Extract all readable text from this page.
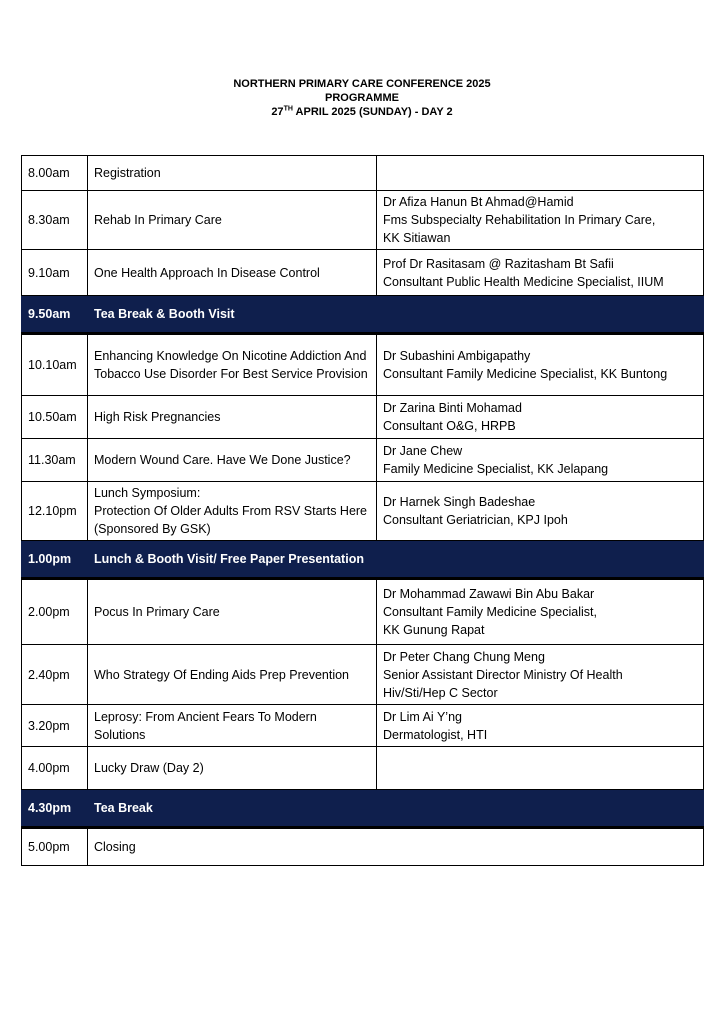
NORTHERN PRIMARY CARE CONFERENCE 2025
PROGRAMME
27TH APRIL 2025 (SUNDAY) - DAY 2
8.00am	Registration	
8.30am	Rehab In Primary Care	Dr Afiza Hanun Bt Ahmad@Hamid
Fms Subspecialty Rehabilitation In Primary Care,
KK Sitiawan

9.10am	One Health Approach In Disease Control	Prof Dr Rasitasam @ Razitasham Bt Safii
Consultant Public Health Medicine Specialist, IIUM

9.50am	Tea Break & Booth Visit	
10.10am	Enhancing Knowledge On Nicotine Addiction And Tobacco Use Disorder For Best Service Provision	Dr Subashini Ambigapathy
Consultant Family Medicine Specialist, KK Buntong

10.50am	High Risk Pregnancies	Dr Zarina Binti Mohamad
Consultant O&G, HRPB

11.30am	Modern Wound Care. Have We Done Justice?	Dr Jane Chew
Family Medicine Specialist, KK Jelapang

12.10pm	Lunch Symposium:
Protection Of Older Adults From RSV Starts Here (Sponsored By GSK)	Dr Harnek Singh Badeshae
Consultant Geriatrician, KPJ Ipoh

1.00pm	Lunch & Booth Visit/ Free Paper Presentation	
2.00pm	Pocus In Primary Care	Dr Mohammad Zawawi Bin Abu Bakar
Consultant Family Medicine Specialist,
KK Gunung Rapat

2.40pm	Who Strategy Of Ending Aids Prep Prevention	Dr Peter Chang Chung Meng
Senior Assistant Director Ministry Of Health
Hiv/Sti/Hep C Sector

3.20pm	Leprosy: From Ancient Fears To Modern Solutions	Dr Lim Ai Y’ng
Dermatologist, HTI

4.00pm	Lucky Draw (Day 2)	
4.30pm	Tea Break	
5.00pm	Closing	
